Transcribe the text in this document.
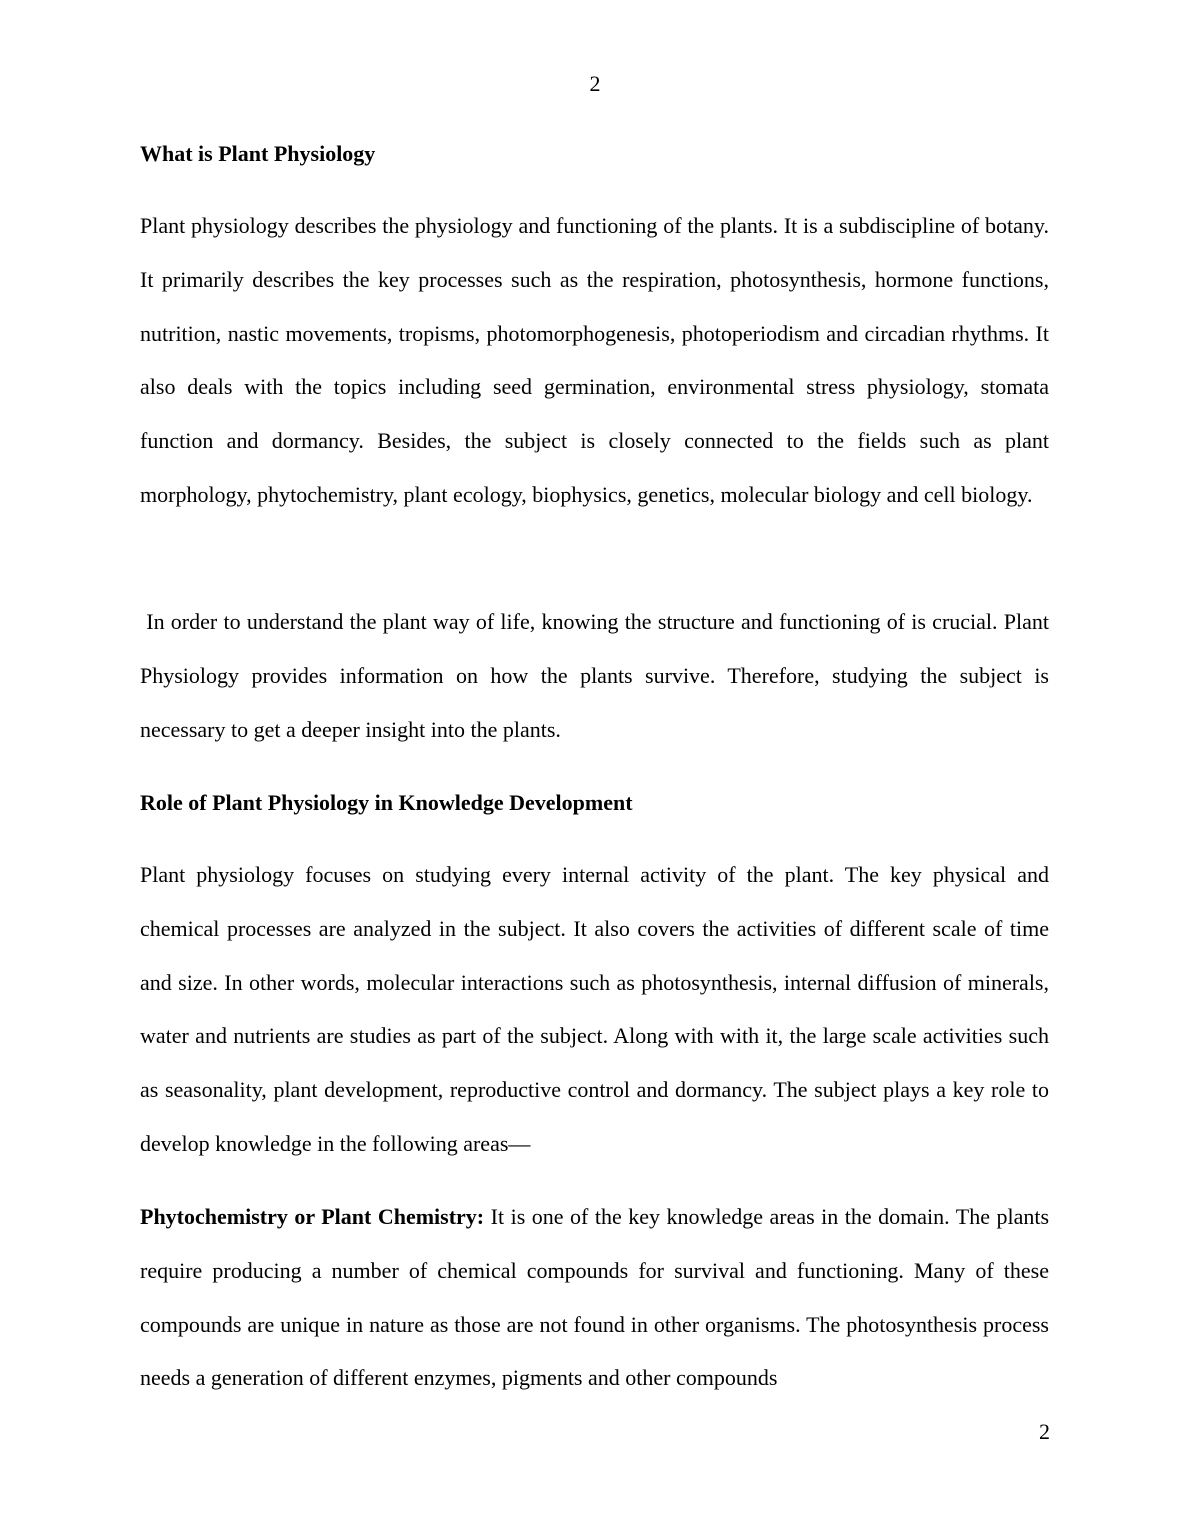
2
What is Plant Physiology

Plant physiology describes the physiology and functioning of the plants. It is a subdiscipline of botany. It primarily describes the key processes such as the respiration, photosynthesis, hormone functions, nutrition, nastic movements, tropisms, photomorphogenesis, photoperiodism and circadian rhythms. It also deals with the topics including seed germination, environmental stress physiology, stomata function and dormancy. Besides, the subject is closely connected to the fields such as plant morphology, phytochemistry, plant ecology, biophysics, genetics, molecular biology and cell biology.

In order to understand the plant way of life, knowing the structure and functioning of is crucial. Plant Physiology provides information on how the plants survive. Therefore, studying the subject is necessary to get a deeper insight into the plants.

Role of Plant Physiology in Knowledge Development

Plant physiology focuses on studying every internal activity of the plant. The key physical and chemical processes are analyzed in the subject. It also covers the activities of different scale of time and size. In other words, molecular interactions such as photosynthesis, internal diffusion of minerals, water and nutrients are studies as part of the subject. Along with with it, the large scale activities such as seasonality, plant development, reproductive control and dormancy. The subject plays a key role to develop knowledge in the following areas—

Phytochemistry or Plant Chemistry: It is one of the key knowledge areas in the domain. The plants require producing a number of chemical compounds for survival and functioning. Many of these compounds are unique in nature as those are not found in other organisms. The photosynthesis process needs a generation of different enzymes, pigments and other compounds

2
